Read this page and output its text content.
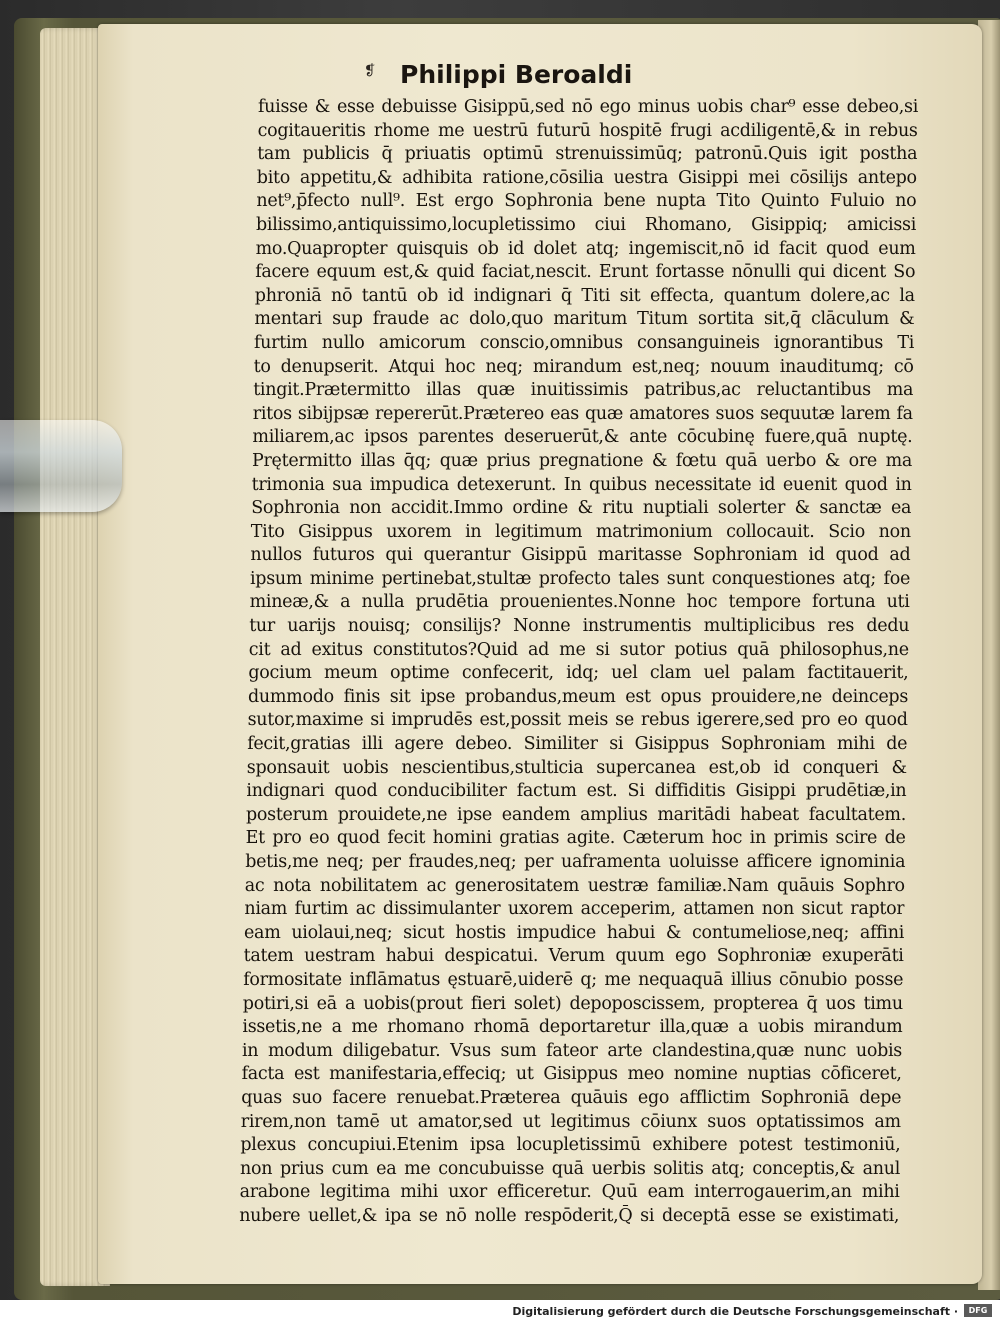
❡ Philippi Beroaldi
fuisse & esse debuisse Gisippū,sed nō ego minus uobis char⁹ esse debeo,si
cogitaueritis rhome me uestrū futurū hospitē frugi acdiligentē,& in rebus
tam publicis q̄ priuatis optimū strenuissimūq; patronū.Quis igit̄ postha
bito appetitu,& adhibita ratione,cōsilia uestra Gisippi mei cōsilijs antepo
net⁹,p̄fecto null⁹. Est ergo Sophronia bene nupta Tito Quinto Fuluio no
bilissimo,antiquissimo,locupletissimo ciui Rhomano, Gisippiq; amicissi
mo.Quapropter quisquis ob id dolet atq; ingemiscit,nō id facit quod eum
facere equum est,& quid faciat,nescit. Erunt fortasse nōnulli qui dicent So
phroniā nō tantū ob id indignari q̄ Titi sit effecta, quantum dolere,ac la
mentari sup fraude ac dolo,quo maritum Titum sortita sit,q̄ clāculum &
furtim nullo amicorum conscio,omnibus consanguineis ignorantibus Ti
to denupserit. Atqui hoc neq; mirandum est,neq; nouum inauditumq; cō
tingit.Prætermitto illas quæ inuitissimis patribus,ac reluctantibus ma
ritos sibijpsæ repererūt.Prætereo eas quæ amatores suos sequutæ larem fa
miliarem,ac ipsos parentes deseruerūt,& ante cōcubinę fuere,quā nuptę.
Prętermitto illas q̄q; quæ prius pregnatione & fœtu quā uerbo & ore ma
trimonia sua impudica detexerunt. In quibus necessitate id euenit quod in
Sophronia non accidit.Immo ordine & ritu nuptiali solerter & sanctæ ea
Tito Gisippus uxorem in legitimum matrimonium collocauit. Scio non
nullos futuros qui querantur Gisippū maritasse Sophroniam id quod ad
ipsum minime pertinebat,stultæ profecto tales sunt conquestiones atq; foe
mineæ,& a nulla prudētia prouenientes.Nonne hoc tempore fortuna uti
tur uarijs nouisq; consilijs? Nonne instrumentis multiplicibus res dedu
cit ad exitus constitutos?Quid ad me si sutor potius quā philosophus,ne
gocium meum optime confecerit, idq; uel clam uel palam factitauerit,
dummodo finis sit ipse probandus,meum est opus prouidere,ne deinceps
sutor,maxime si imprudēs est,possit meis se rebus igerere,sed pro eo quod
fecit,gratias illi agere debeo. Similiter si Gisippus Sophroniam mihi de
sponsauit uobis nescientibus,stulticia supercanea est,ob id conqueri &
indignari quod conducibiliter factum est. Si diffiditis Gisippi prudētiæ,in
posterum prouidete,ne ipse eandem amplius maritādi habeat facultatem.
Et pro eo quod fecit homini gratias agite. Cæterum hoc in primis scire de
betis,me neq; per fraudes,neq; per uaframenta uoluisse afficere ignominia
ac nota nobilitatem ac generositatem uestræ familiæ.Nam quāuis Sophro
niam furtim ac dissimulanter uxorem acceperim, attamen non sicut raptor
eam uiolaui,neq; sicut hostis impudice habui & contumeliose,neq; affini
tatem uestram habui despicatui. Verum quum ego Sophroniæ exuperāti
formositate inflāmatus ęstuarē,uiderē q; me nequaquā illius cōnubio posse
potiri,si eā a uobis(prout fieri solet) depoposcissem, propterea q̄ uos timu
issetis,ne a me rhomano rhomā deportaretur illa,quæ a uobis mirandum
in modum diligebatur. Vsus sum fateor arte clandestina,quæ nunc uobis
facta est manifestaria,effeciq; ut Gisippus meo nomine nuptias cōficeret,
quas suo facere renuebat.Præterea quāuis ego afflictim Sophroniā depe
rirem,non tamē ut amator,sed ut legitimus cōiunx suos optatissimos am
plexus concupiui.Etenim ipsa locupletissimū exhibere potest testimoniū,
non prius cum ea me concubuisse quā uerbis solitis atq; conceptis,& anul
arabone legitima mihi uxor efficeretur. Quū eam interrogauerim,an mihi
nubere uellet,& ipa se nō nolle respōderit,Q̄ si deceptā esse se existimati,
Digitalisierung gefördert durch die Deutsche Forschungsgemeinschaft ·	DFG
